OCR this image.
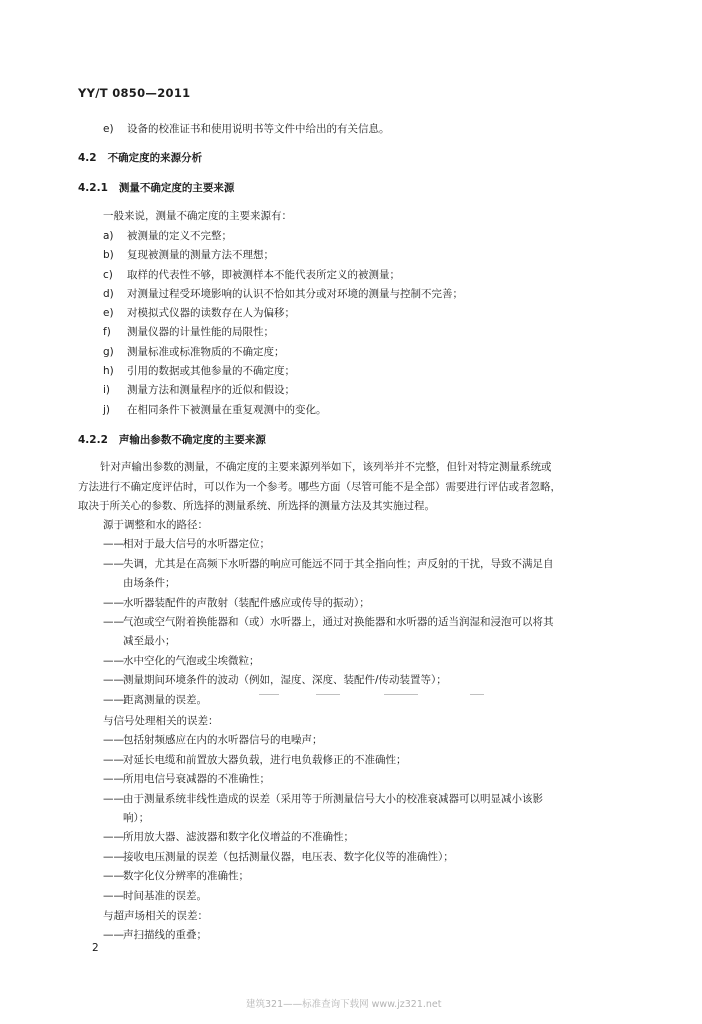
YY/T 0850—2011
e) 设备的校准证书和使用说明书等文件中给出的有关信息。
4.2 不确定度的来源分析
4.2.1 测量不确定度的主要来源
一般来说，测量不确定度的主要来源有：
a) 被测量的定义不完整；
b) 复现被测量的测量方法不理想；
c) 取样的代表性不够，即被测样本不能代表所定义的被测量；
d) 对测量过程受环境影响的认识不恰如其分或对环境的测量与控制不完善；
e) 对模拟式仪器的读数存在人为偏移；
f) 测量仪器的计量性能的局限性；
g) 测量标准或标准物质的不确定度；
h) 引用的数据或其他参量的不确定度；
i) 测量方法和测量程序的近似和假设；
j) 在相同条件下被测量在重复观测中的变化。
4.2.2 声输出参数不确定度的主要来源

针对声输出参数的测量，不确定度的主要来源列举如下，该列举并不完整，但针对特定测量系统或
方法进行不确定度评估时，可以作为一个参考。哪些方面（尽管可能不是全部）需要进行评估或者忽略，
取决于所关心的参数、所选择的测量系统、所选择的测量方法及其实施过程。

源于调整和水的路径：
——相对于最大信号的水听器定位；
——失调，尤其是在高频下水听器的响应可能远不同于其全指向性；声反射的干扰，导致不满足自
由场条件；
——水听器装配件的声散射（装配件感应或传导的振动）；
——气泡或空气附着换能器和（或）水听器上，通过对换能器和水听器的适当润湿和浸泡可以将其
减至最小；
——水中空化的气泡或尘埃微粒；
——测量期间环境条件的波动（例如，湿度、深度、装配件/传动装置等）；
——距离测量的误差。
与信号处理相关的误差：
——包括射频感应在内的水听器信号的电噪声；
——对延长电缆和前置放大器负载，进行电负载修正的不准确性；
——所用电信号衰减器的不准确性；
——由于测量系统非线性造成的误差（采用等于所测量信号大小的校准衰减器可以明显减小该影
响）；
——所用放大器、滤波器和数字化仪增益的不准确性；
——接收电压测量的误差（包括测量仪器，电压表、数字化仪等的准确性）；
——数字化仪分辨率的准确性；
——时间基准的误差。
与超声场相关的误差：
——声扫描线的重叠；
2
建筑321——标准查询下载网 www.jz321.net
